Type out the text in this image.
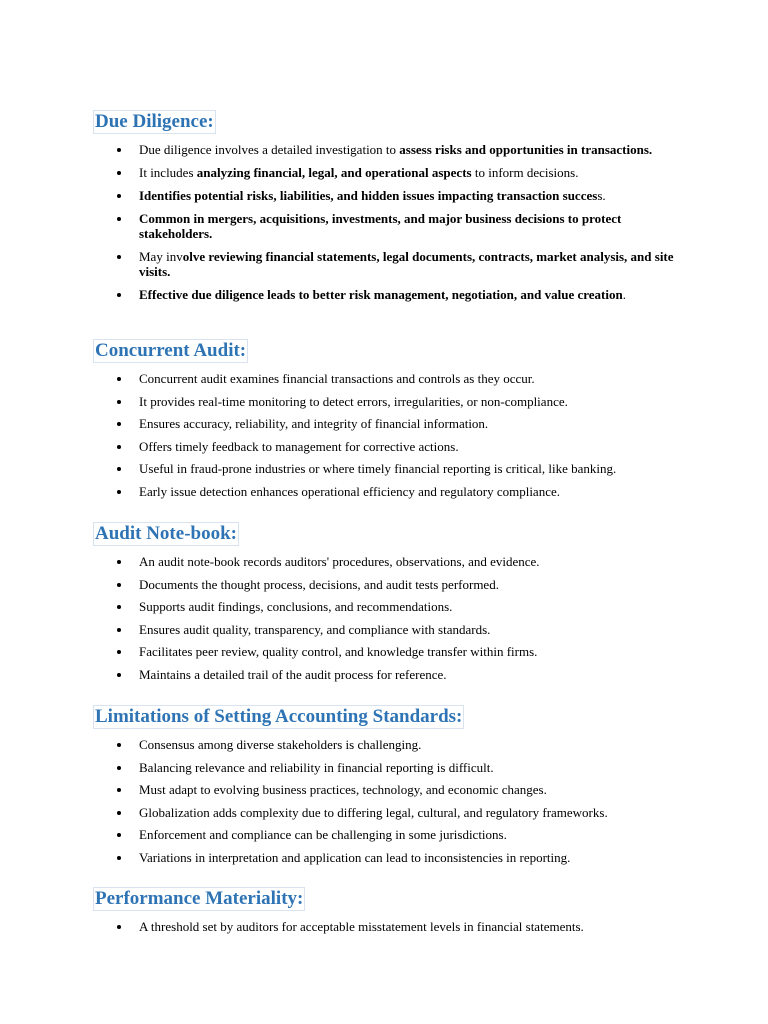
Due Diligence:
Due diligence involves a detailed investigation to assess risks and opportunities in transactions.
It includes analyzing financial, legal, and operational aspects to inform decisions.
Identifies potential risks, liabilities, and hidden issues impacting transaction success.
Common in mergers, acquisitions, investments, and major business decisions to protect stakeholders.
May involve reviewing financial statements, legal documents, contracts, market analysis, and site visits.
Effective due diligence leads to better risk management, negotiation, and value creation.
Concurrent Audit:
Concurrent audit examines financial transactions and controls as they occur.
It provides real-time monitoring to detect errors, irregularities, or non-compliance.
Ensures accuracy, reliability, and integrity of financial information.
Offers timely feedback to management for corrective actions.
Useful in fraud-prone industries or where timely financial reporting is critical, like banking.
Early issue detection enhances operational efficiency and regulatory compliance.
Audit Note-book:
An audit note-book records auditors' procedures, observations, and evidence.
Documents the thought process, decisions, and audit tests performed.
Supports audit findings, conclusions, and recommendations.
Ensures audit quality, transparency, and compliance with standards.
Facilitates peer review, quality control, and knowledge transfer within firms.
Maintains a detailed trail of the audit process for reference.
Limitations of Setting Accounting Standards:
Consensus among diverse stakeholders is challenging.
Balancing relevance and reliability in financial reporting is difficult.
Must adapt to evolving business practices, technology, and economic changes.
Globalization adds complexity due to differing legal, cultural, and regulatory frameworks.
Enforcement and compliance can be challenging in some jurisdictions.
Variations in interpretation and application can lead to inconsistencies in reporting.
Performance Materiality:
A threshold set by auditors for acceptable misstatement levels in financial statements.
